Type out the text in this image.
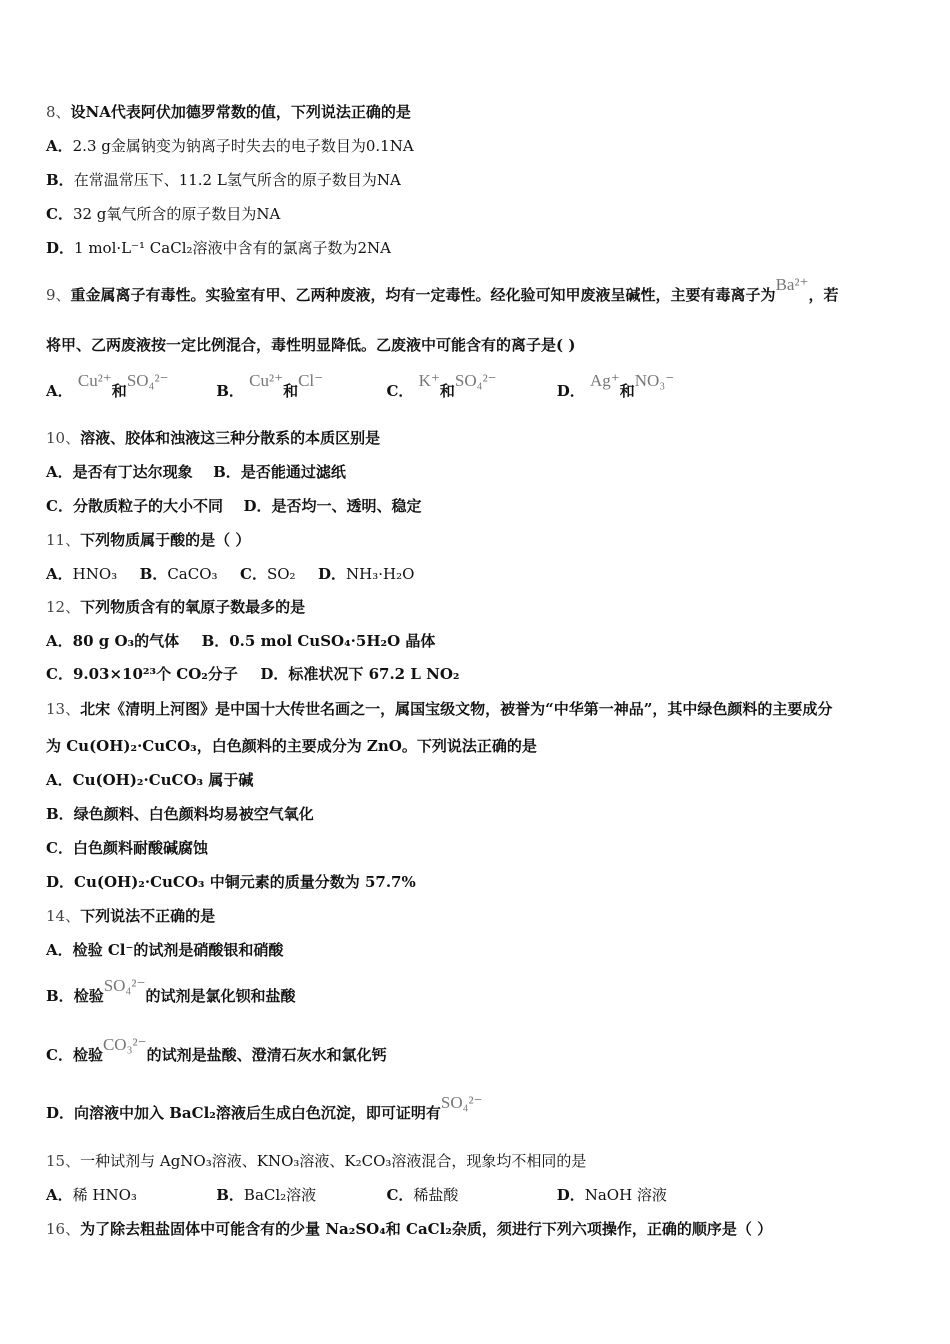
8、设NA代表阿伏加德罗常数的值，下列说法正确的是
A．2.3 g金属钠变为钠离子时失去的电子数目为0.1NA
B．在常温常压下、11.2 L氢气所含的原子数目为NA
C．32 g氧气所含的原子数目为NA
D．1 mol·L⁻¹ CaCl₂溶液中含有的氯离子数为2NA
9、重金属离子有毒性。实验室有甲、乙两种废液，均有一定毒性。经化验可知甲废液呈碱性，主要有毒离子为Ba²⁺，若
将甲、乙两废液按一定比例混合，毒性明显降低。乙废液中可能含有的离子是( )
A． Cu²⁺和SO₄²⁻ B． Cu²⁺和Cl⁻ C． K⁺和SO₄²⁻ D． Ag⁺和NO₃⁻
10、溶液、胶体和浊液这三种分散系的本质区别是
A．是否有丁达尔现象 B．是否能通过滤纸
C．分散质粒子的大小不同 D．是否均一、透明、稳定
11、下列物质属于酸的是（ ）
A．HNO₃ B．CaCO₃ C．SO₂ D．NH₃·H₂O
12、下列物质含有的氧原子数最多的是
A．80 g O₃的气体 B．0.5 mol CuSO₄·5H₂O 晶体
C．9.03×10²³个 CO₂分子 D．标准状况下 67.2 L NO₂
13、北宋《清明上河图》是中国十大传世名画之一，属国宝级文物，被誉为“中华第一神品”，其中绿色颜料的主要成分
为 Cu(OH)₂·CuCO₃，白色颜料的主要成分为 ZnO。下列说法正确的是
A．Cu(OH)₂·CuCO₃ 属于碱
B．绿色颜料、白色颜料均易被空气氧化
C．白色颜料耐酸碱腐蚀
D．Cu(OH)₂·CuCO₃ 中铜元素的质量分数为 57.7%
14、下列说法不正确的是
A．检验 Cl⁻的试剂是硝酸银和硝酸
B．检验SO₄²⁻的试剂是氯化钡和盐酸
C．检验CO₃²⁻的试剂是盐酸、澄清石灰水和氯化钙
D．向溶液中加入 BaCl₂溶液后生成白色沉淀，即可证明有SO₄²⁻
15、一种试剂与 AgNO₃溶液、KNO₃溶液、K₂CO₃溶液混合，现象均不相同的是
A．稀 HNO₃	B．BaCl₂溶液	C．稀盐酸	D．NaOH 溶液
16、为了除去粗盐固体中可能含有的少量 Na₂SO₄和 CaCl₂杂质，须进行下列六项操作，正确的顺序是（ ）
